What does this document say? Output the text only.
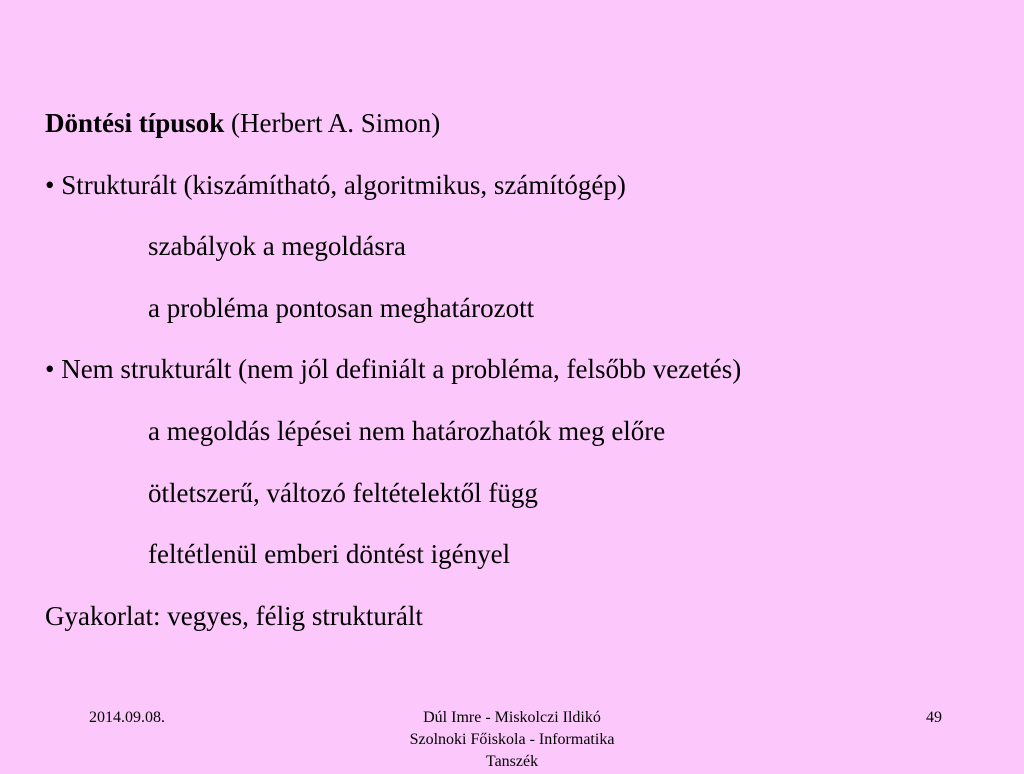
Döntési típusok (Herbert A. Simon)
• Strukturált (kiszámítható, algoritmikus, számítógép)
szabályok a megoldásra
a probléma pontosan meghatározott
• Nem strukturált (nem jól definiált a probléma, felsőbb vezetés)
a megoldás lépései nem határozhatók meg előre
ötletszerű, változó feltételektől függ
feltétlenül emberi döntést igényel
Gyakorlat: vegyes, félig strukturált
2014.09.08.	Dúl Imre - Miskolczi Ildikó
Szolnoki Főiskola - Informatika
Tanszék
49
